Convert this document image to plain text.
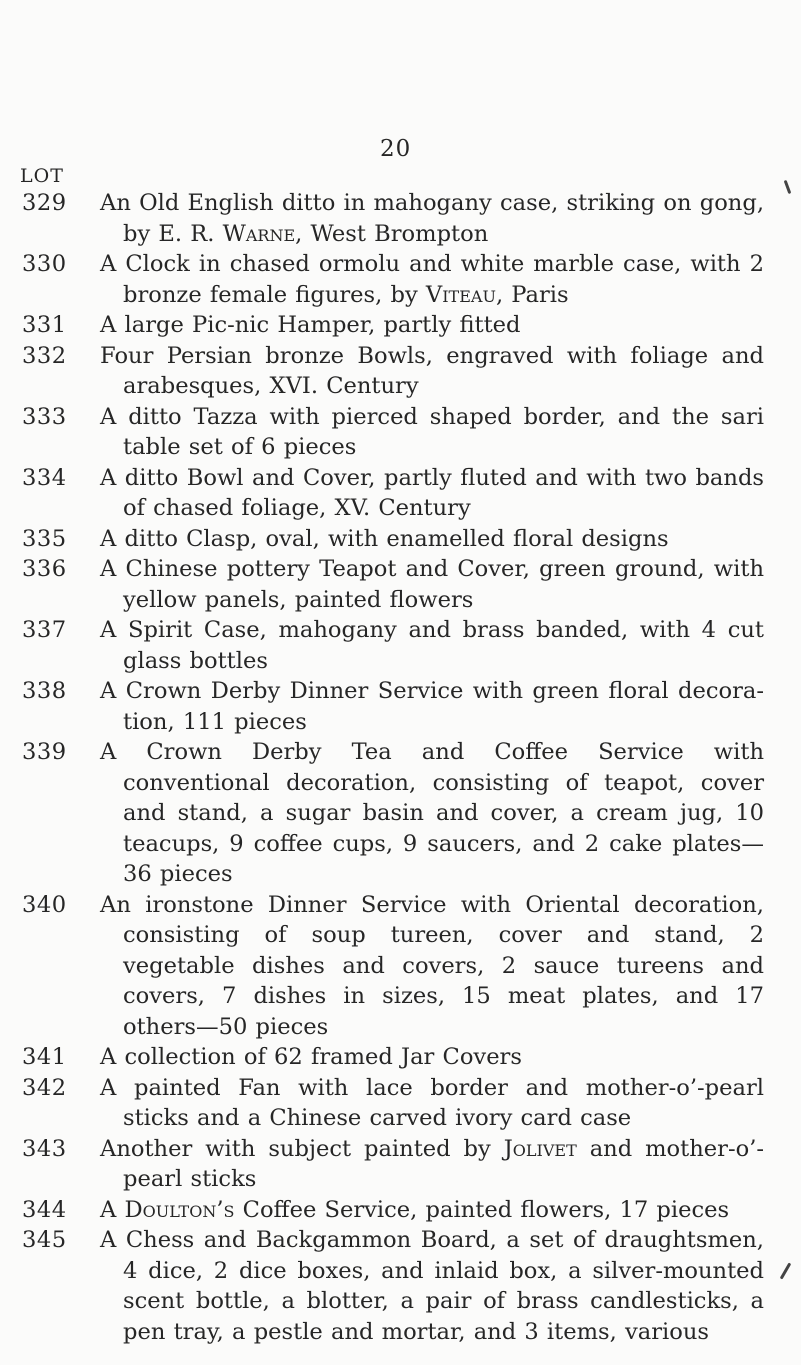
20
LOT
329	An Old English ditto in mahogany case, striking on gong, by E. R. Warne, West Brompton
330	A Clock in chased ormolu and white marble case, with 2 bronze female figures, by Viteau, Paris
331	A large Pic-nic Hamper, partly fitted
332	Four Persian bronze Bowls, engraved with foliage and arabesques, XVI. Century
333	A ditto Tazza with pierced shaped border, and the sari table set of 6 pieces
334	A ditto Bowl and Cover, partly fluted and with two bands of chased foliage, XV. Century
335	A ditto Clasp, oval, with enamelled floral designs
336	A Chinese pottery Teapot and Cover, green ground, with yellow panels, painted flowers
337	A Spirit Case, mahogany and brass banded, with 4 cut glass bottles
338	A Crown Derby Dinner Service with green floral decora-tion, 111 pieces
339	A Crown Derby Tea and Coffee Service with conventional decoration, consisting of teapot, cover and stand, a sugar basin and cover, a cream jug, 10 teacups, 9 coffee cups, 9 saucers, and 2 cake plates—36 pieces
340	An ironstone Dinner Service with Oriental decoration, consisting of soup tureen, cover and stand, 2 vegetable dishes and covers, 2 sauce tureens and covers, 7 dishes in sizes, 15 meat plates, and 17 others—50 pieces
341	A collection of 62 framed Jar Covers
342	A painted Fan with lace border and mother-o’-pearl sticks and a Chinese carved ivory card case
343	Another with subject painted by Jolivet and mother-o’-pearl sticks
344	A Doulton’s Coffee Service, painted flowers, 17 pieces
345	A Chess and Backgammon Board, a set of draughtsmen, 4 dice, 2 dice boxes, and inlaid box, a silver-mounted scent bottle, a blotter, a pair of brass candlesticks, a pen tray, a pestle and mortar, and 3 items, various
